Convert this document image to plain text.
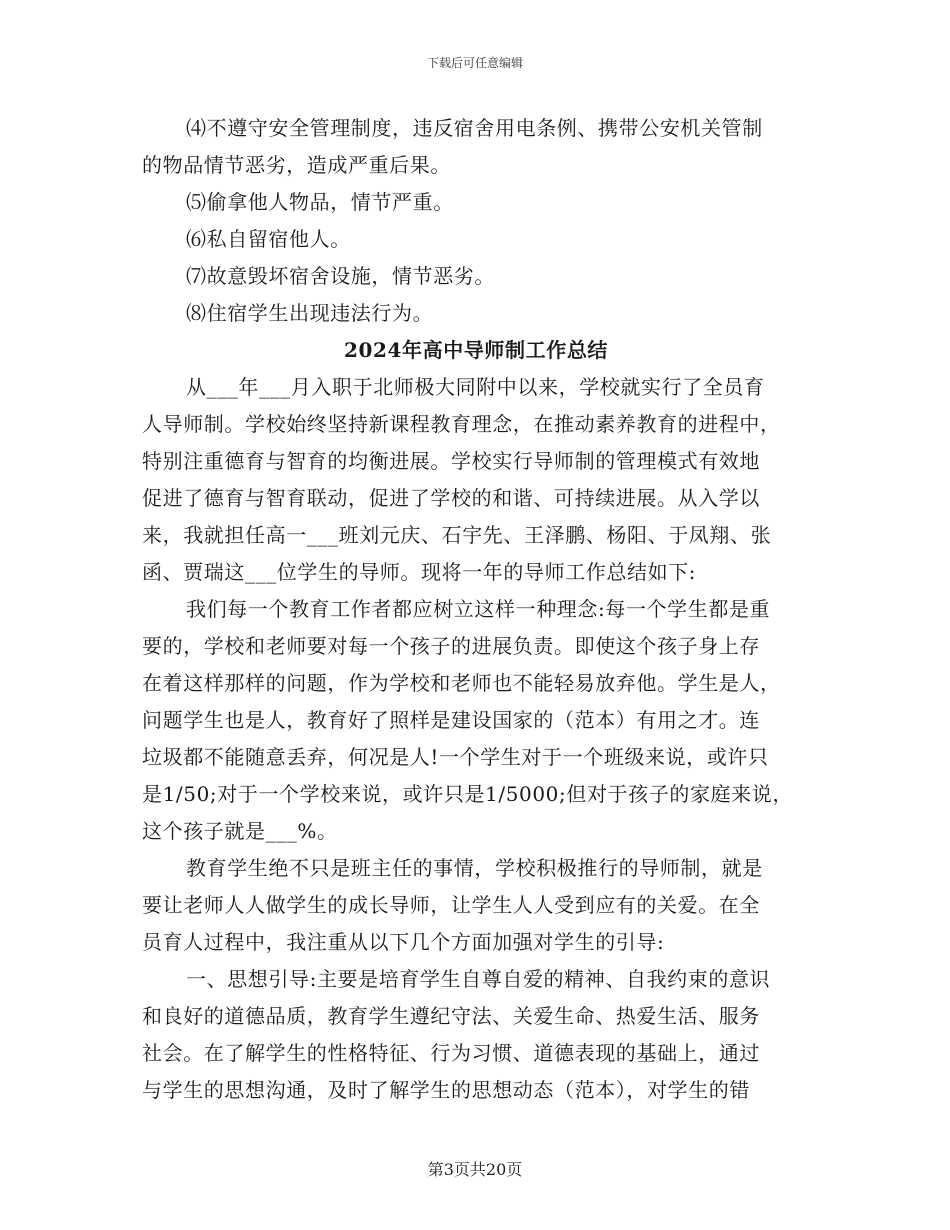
下载后可任意编辑
⑷不遵守安全管理制度，违反宿舍用电条例、携带公安机关管制
的物品情节恶劣，造成严重后果。
⑸偷拿他人物品，情节严重。
⑹私自留宿他人。
⑺故意毁坏宿舍设施，情节恶劣。
⑻住宿学生出现违法行为。
2024年高中导师制工作总结
从___年___月入职于北师极大同附中以来，学校就实行了全员育
人导师制。学校始终坚持新课程教育理念，在推动素养教育的进程中，
特别注重德育与智育的均衡进展。学校实行导师制的管理模式有效地
促进了德育与智育联动，促进了学校的和谐、可持续进展。从入学以
来，我就担任高一___班刘元庆、石宇先、王泽鹏、杨阳、于凤翔、张
函、贾瑞这___位学生的导师。现将一年的导师工作总结如下:
我们每一个教育工作者都应树立这样一种理念:每一个学生都是重
要的，学校和老师要对每一个孩子的进展负责。即使这个孩子身上存
在着这样那样的问题，作为学校和老师也不能轻易放弃他。学生是人，
问题学生也是人，教育好了照样是建设国家的（范本）有用之才。连
垃圾都不能随意丢弃，何况是人!一个学生对于一个班级来说，或许只
是1/50;对于一个学校来说，或许只是1/5000;但对于孩子的家庭来说，
这个孩子就是___%。
教育学生绝不只是班主任的事情，学校积极推行的导师制，就是
要让老师人人做学生的成长导师，让学生人人受到应有的关爱。在全
员育人过程中，我注重从以下几个方面加强对学生的引导:
一、思想引导:主要是培育学生自尊自爱的精神、自我约束的意识
和良好的道德品质，教育学生遵纪守法、关爱生命、热爱生活、服务
社会。在了解学生的性格特征、行为习惯、道德表现的基础上，通过
与学生的思想沟通，及时了解学生的思想动态（范本），对学生的错
第3页共20页
